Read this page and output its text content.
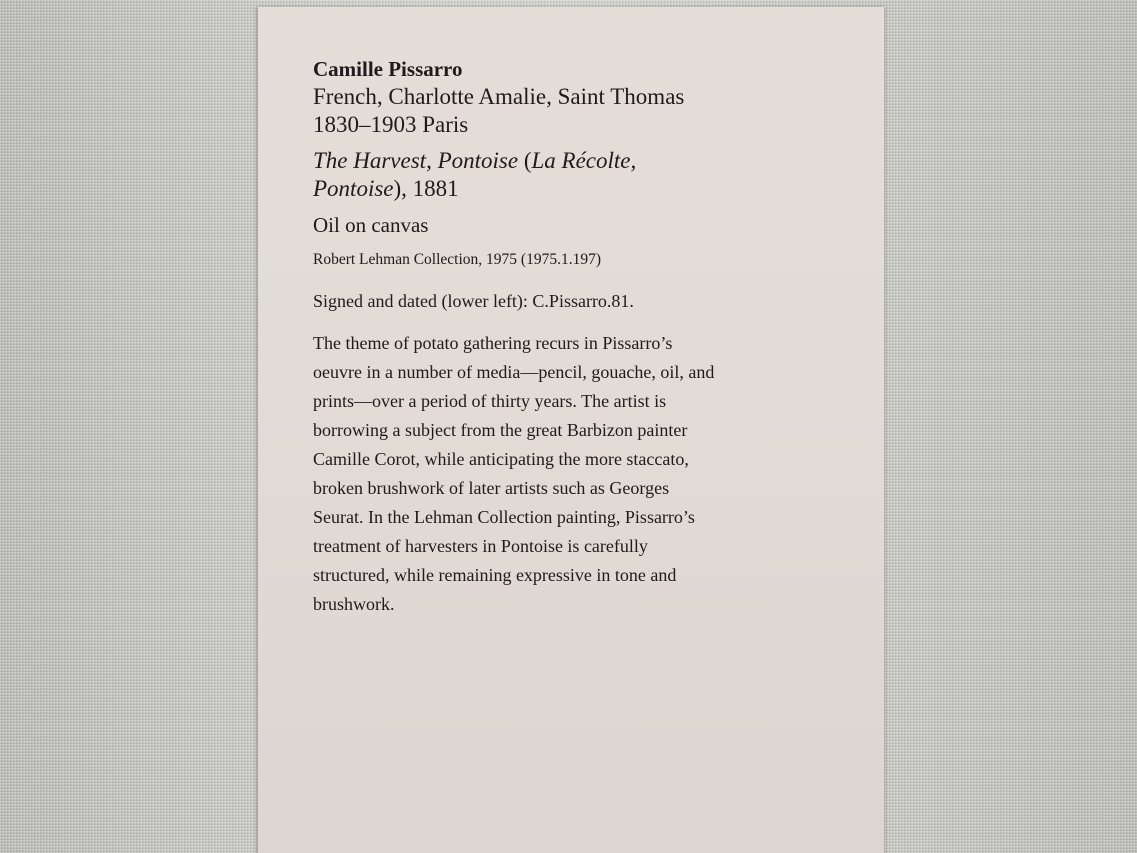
Camille Pissarro
French, Charlotte Amalie, Saint Thomas
1830–1903 Paris
The Harvest, Pontoise (La Récolte,
Pontoise), 1881
Oil on canvas
Robert Lehman Collection, 1975 (1975.1.197)
Signed and dated (lower left): C.Pissarro.81.
The theme of potato gathering recurs in Pissarro’s
oeuvre in a number of media—pencil, gouache, oil, and
prints—over a period of thirty years. The artist is
borrowing a subject from the great Barbizon painter
Camille Corot, while anticipating the more staccato,
broken brushwork of later artists such as Georges
Seurat. In the Lehman Collection painting, Pissarro’s
treatment of harvesters in Pontoise is carefully
structured, while remaining expressive in tone and
brushwork.
